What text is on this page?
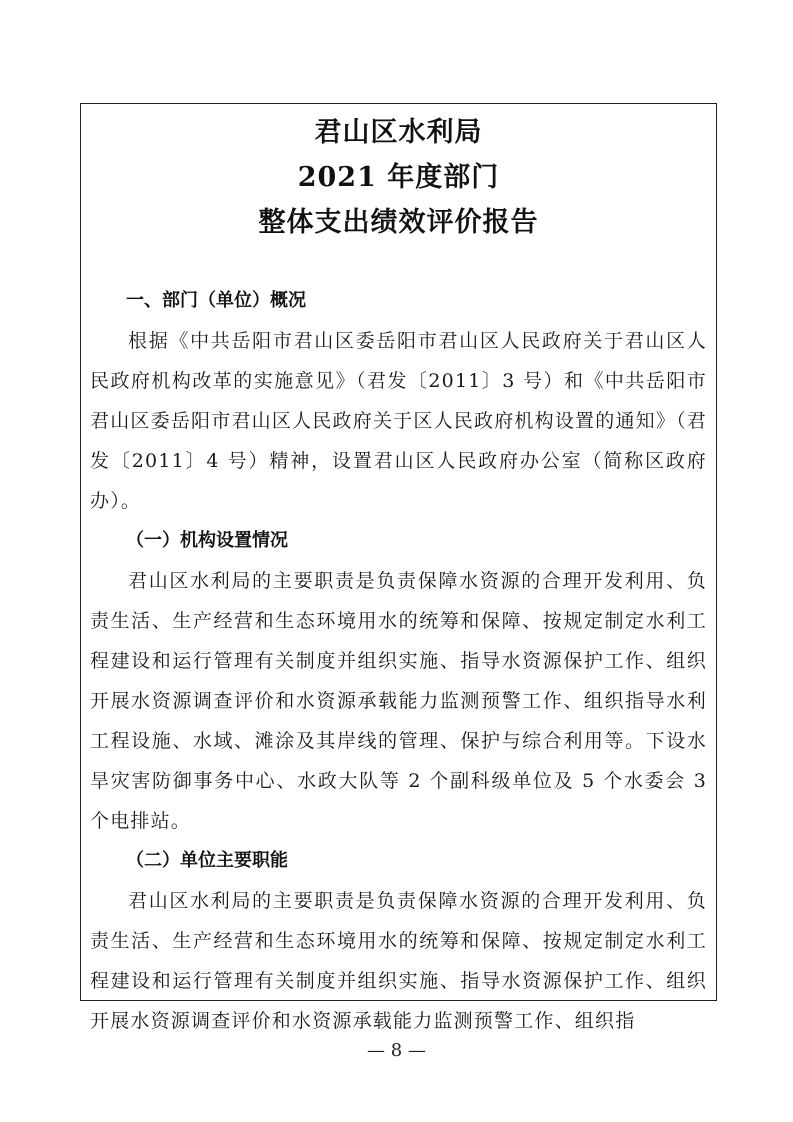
君山区水利局
2021 年度部门
整体支出绩效评价报告
一、部门（单位）概况

根据《中共岳阳市君山区委岳阳市君山区人民政府关于君山区人民政府机构改革的实施意见》（君发〔2011〕3 号）和《中共岳阳市君山区委岳阳市君山区人民政府关于区人民政府机构设置的通知》（君发〔2011〕4 号）精神，设置君山区人民政府办公室（简称区政府办）。

（一）机构设置情况

君山区水利局的主要职责是负责保障水资源的合理开发利用、负责生活、生产经营和生态环境用水的统筹和保障、按规定制定水利工程建设和运行管理有关制度并组织实施、指导水资源保护工作、组织开展水资源调查评价和水资源承载能力监测预警工作、组织指导水利工程设施、水域、滩涂及其岸线的管理、保护与综合利用等。下设水旱灾害防御事务中心、水政大队等 2 个副科级单位及 5 个水委会 3 个电排站。

（二）单位主要职能

君山区水利局的主要职责是负责保障水资源的合理开发利用、负责生活、生产经营和生态环境用水的统筹和保障、按规定制定水利工程建设和运行管理有关制度并组织实施、指导水资源保护工作、组织开展水资源调查评价和水资源承载能力监测预警工作、组织指

— 8 —
